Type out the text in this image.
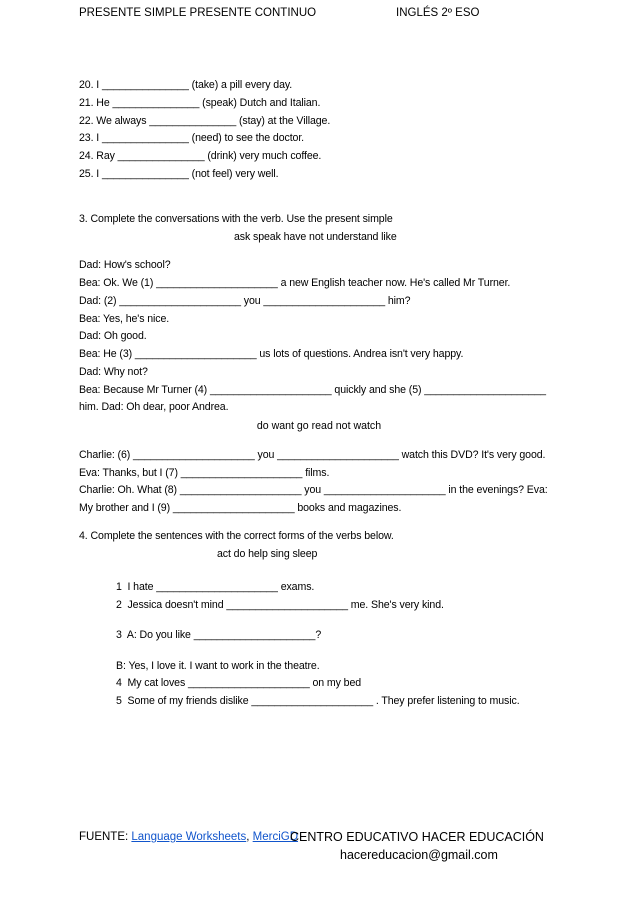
PRESENTE SIMPLE PRESENTE CONTINUO	INGLÉS 2º ESO
20. I _______________ (take) a pill every day.
21. He _______________ (speak) Dutch and Italian.
22. We always _______________ (stay) at the Village.
23. I _______________ (need) to see the doctor.
24. Ray _______________ (drink) very much coffee.
25. I _______________ (not feel) very well.
3. Complete the conversations with the verb. Use the present simple
ask speak have not understand like
Dad: How's school?
Bea: Ok. We (1) _____________________ a new English teacher now. He's called Mr Turner.
Dad: (2) _____________________ you _____________________ him?
Bea: Yes, he's nice.
Dad: Oh good.
Bea: He (3) _____________________ us lots of questions. Andrea isn't very happy.
Dad: Why not?
Bea: Because Mr Turner (4) _____________________ quickly and she (5) _____________________
him. Dad: Oh dear, poor Andrea.
do want go read not watch
Charlie: (6) _____________________ you _____________________ watch this DVD? It's very good.
Eva: Thanks, but I (7) _____________________ films.
Charlie: Oh. What (8) _____________________ you _____________________ in the evenings? Eva:
My brother and I (9) _____________________ books and magazines.
4. Complete the sentences with the correct forms of the verbs below.
act do help sing sleep
1  I hate _____________________ exams.
2  Jessica doesn't mind _____________________ me. She's very kind.
3  A: Do you like _____________________?
B: Yes, I love it. I want to work in the theatre.
4  My cat loves _____________________ on my bed
5  Some of my friends dislike _____________________ . They prefer listening to music.
FUENTE: Language Worksheets, MerciGD
CENTRO EDUCATIVO HACER EDUCACIÓN
hacereducacion@gmail.com
